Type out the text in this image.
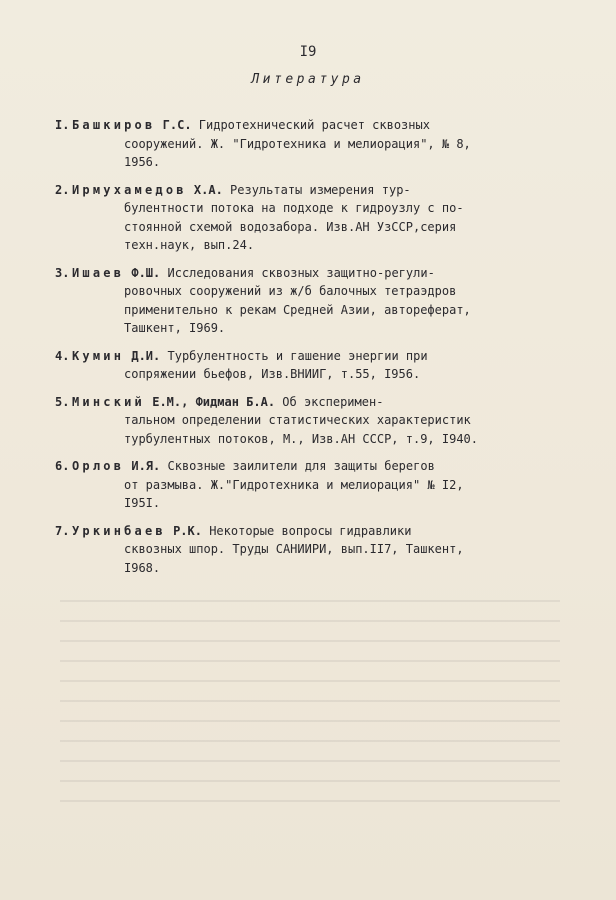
I9
Литература
I. Башкиров Г.С. Гидротехнический расчет сквозных
сооружений. Ж. "Гидротехника и мелиорация", № 8,
1956.
2. Ирмухамедов Х.А. Результаты измерения тур-
булентности потока на подходе к гидроузлу с по-
стоянной схемой водозабора. Изв.АН УзССР,серия
техн.наук, вып.24.
3. Ишаев Ф.Ш. Исследования сквозных защитно-регули-
ровочных сооружений из ж/б балочных тетраэдров
применительно к рекам Средней Азии, автореферат,
Ташкент, I969.
4. Кумин Д.И. Турбулентность и гашение энергии при
сопряжении бьефов, Изв.ВНИИГ, т.55, I956.
5. Минский Е.М., Фидман Б.А. Об эксперимен-
тальном определении статистических характеристик
турбулентных потоков, М., Изв.АН СССР, т.9, I940.
6. Орлов И.Я. Сквозные заилители для защиты берегов
от размыва. Ж."Гидротехника и мелиорация" № I2,
I95I.
7. Уркинбаев Р.К. Некоторые вопросы гидравлики
сквозных шпор. Труды САНИИРИ, вып.II7, Ташкент,
I968.
